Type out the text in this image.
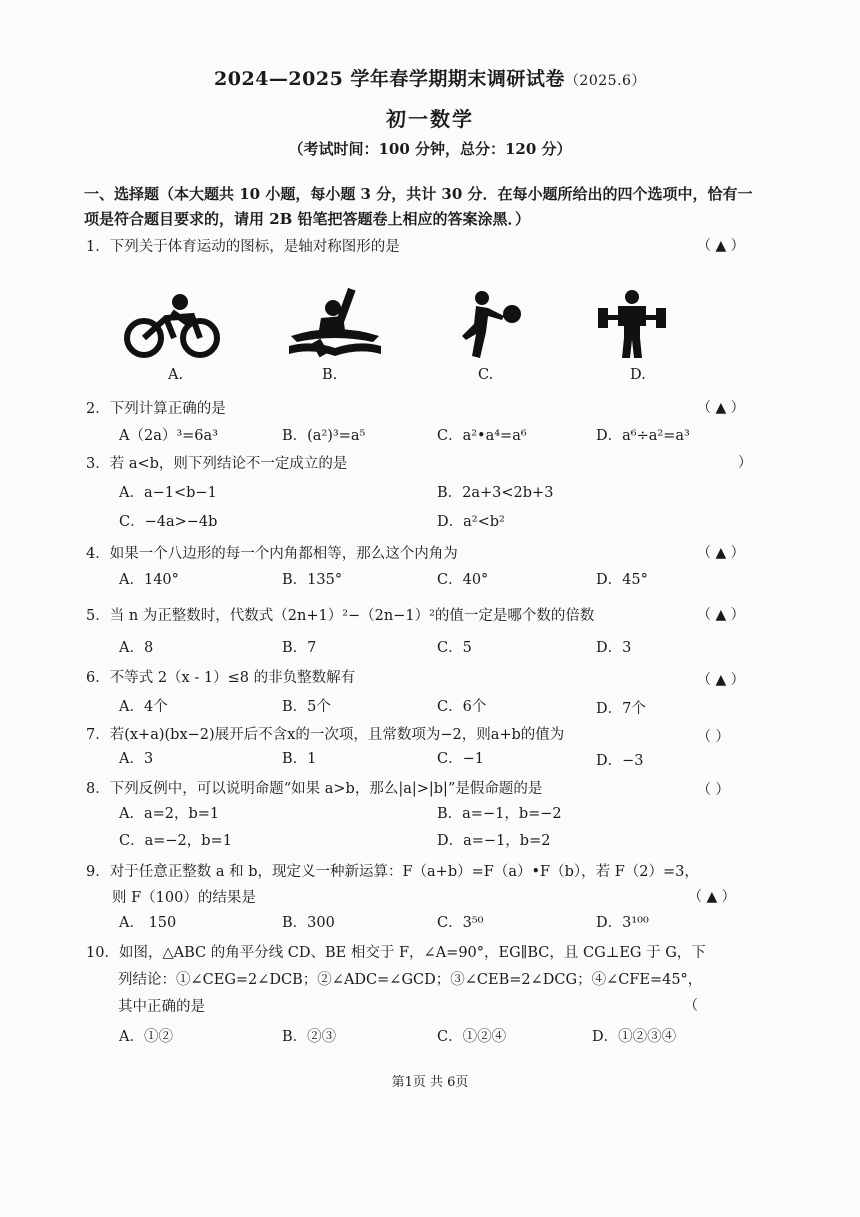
2024—2025 学年春学期期末调研试卷（2025.6）
初一数学
（考试时间：100 分钟，总分：120 分）
一、选择题（本大题共 10 小题，每小题 3 分，共计 30 分．在每小题所给出的四个选项中，恰有一项是符合题目要求的，请用 2B 铅笔把答题卷上相应的答案涂黑．）
1．下列关于体育运动的图标，是轴对称图形的是	（ ▲ ）
A.	B.	C.	D.
2．下列计算正确的是	（ ▲ ）
A（2a）³=6a³	B．(a²)³=a⁵	C．a²•a⁴=a⁶	D．a⁶÷a²=a³
3．若 a<b，则下列结论不一定成立的是	）
A．a−1<b−1	B．2a+3<2b+3
C．−4a>−4b	D．a²<b²
4．如果一个八边形的每一个内角都相等，那么这个内角为	（ ▲ ）
A．140°	B．135°	C．40°	D．45°
5．当 n 为正整数时，代数式（2n+1）²−（2n−1）²的值一定是哪个数的倍数	（ ▲ ）
A．8	B．7	C．5	D．3
6．不等式 2（x - 1）≤8 的非负整数解有	（ ▲ ）
A．4个	B．5个	C．6个	D．7个
7．若(x+a)(bx−2)展开后不含x的一次项，且常数项为−2，则a+b的值为	（ ）
A．3	B．1	C．−1	D．−3
8．下列反例中，可以说明命题“如果 a>b，那么|a|>|b|”是假命题的是	（ ）
A．a=2，b=1	B．a=−1，b=−2
C．a=−2，b=1	D．a=−1，b=2
9．对于任意正整数 a 和 b，现定义一种新运算：F（a+b）=F（a）•F（b），若 F（2）=3，
则 F（100）的结果是	（ ▲ ）
A． 150	B．300	C．3⁵⁰	D．3¹⁰⁰
10．如图，△ABC 的角平分线 CD、BE 相交于 F，∠A=90°，EG∥BC，且 CG⊥EG 于 G，下
列结论：①∠CEG=2∠DCB；②∠ADC=∠GCD；③∠CEB=2∠DCG；④∠CFE=45°，
其中正确的是	（
A．①②	B．②③	C．①②④	D．①②③④
第1页 共 6页
